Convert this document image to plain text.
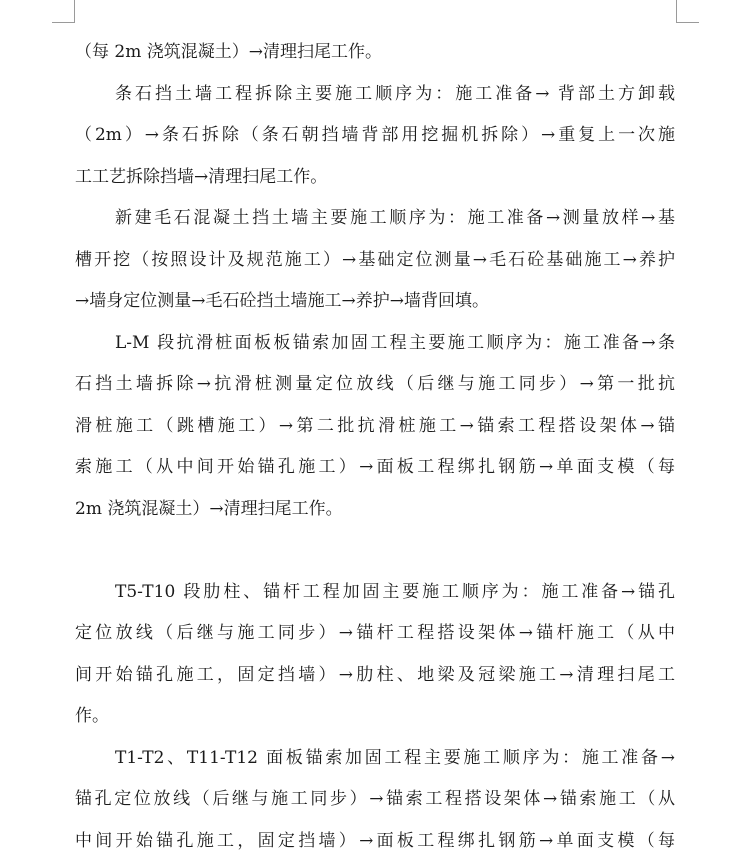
（每 2m 浇筑混凝土）→清理扫尾工作。
条石挡土墙工程拆除主要施工顺序为：施工准备→ 背部土方卸载
（2m）→条石拆除（条石朝挡墙背部用挖掘机拆除）→重复上一次施
工工艺拆除挡墙→清理扫尾工作。
新建毛石混凝土挡土墙主要施工顺序为：施工准备→测量放样→基
槽开挖（按照设计及规范施工）→基础定位测量→毛石砼基础施工→养护
→墙身定位测量→毛石砼挡土墙施工→养护→墙背回填。
L-M 段抗滑桩面板板锚索加固工程主要施工顺序为：施工准备→条
石挡土墙拆除→抗滑桩测量定位放线（后继与施工同步）→第一批抗
滑桩施工（跳槽施工）→第二批抗滑桩施工→锚索工程搭设架体→锚
索施工（从中间开始锚孔施工）→面板工程绑扎钢筋→单面支模（每
2m 浇筑混凝土）→清理扫尾工作。
T5-T10 段肋柱、锚杆工程加固主要施工顺序为：施工准备→锚孔
定位放线（后继与施工同步）→锚杆工程搭设架体→锚杆施工（从中
间开始锚孔施工，固定挡墙）→肋柱、地梁及冠梁施工→清理扫尾工
作。
T1-T2、T11-T12 面板锚索加固工程主要施工顺序为：施工准备→
锚孔定位放线（后继与施工同步）→锚索工程搭设架体→锚索施工（从
中间开始锚孔施工，固定挡墙）→面板工程绑扎钢筋→单面支模（每
